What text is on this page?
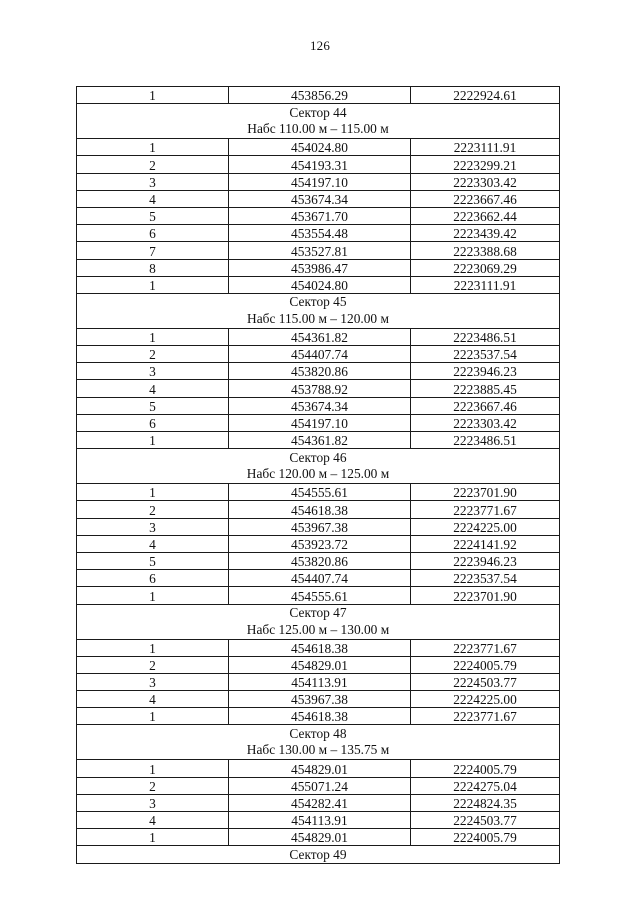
126
1	453856.29	2222924.61

Сектор 44
Набс 110.00 м – 115.00 м		

1	454024.80	2223111.91
2	454193.31	2223299.21
3	454197.10	2223303.42
4	453674.34	2223667.46
5	453671.70	2223662.44
6	453554.48	2223439.42
7	453527.81	2223388.68
8	453986.47	2223069.29
1	454024.80	2223111.91

Сектор 45
Набс 115.00 м – 120.00 м		

1	454361.82	2223486.51
2	454407.74	2223537.54
3	453820.86	2223946.23
4	453788.92	2223885.45
5	453674.34	2223667.46
6	454197.10	2223303.42
1	454361.82	2223486.51

Сектор 46
Набс 120.00 м – 125.00 м		

1	454555.61	2223701.90
2	454618.38	2223771.67
3	453967.38	2224225.00
4	453923.72	2224141.92
5	453820.86	2223946.23
6	454407.74	2223537.54
1	454555.61	2223701.90

Сектор 47
Набс 125.00 м – 130.00 м		

1	454618.38	2223771.67
2	454829.01	2224005.79
3	454113.91	2224503.77
4	453967.38	2224225.00
1	454618.38	2223771.67

Сектор 48
Набс 130.00 м – 135.75 м		

1	454829.01	2224005.79
2	455071.24	2224275.04
3	454282.41	2224824.35
4	454113.91	2224503.77
1	454829.01	2224005.79

Сектор 49		
